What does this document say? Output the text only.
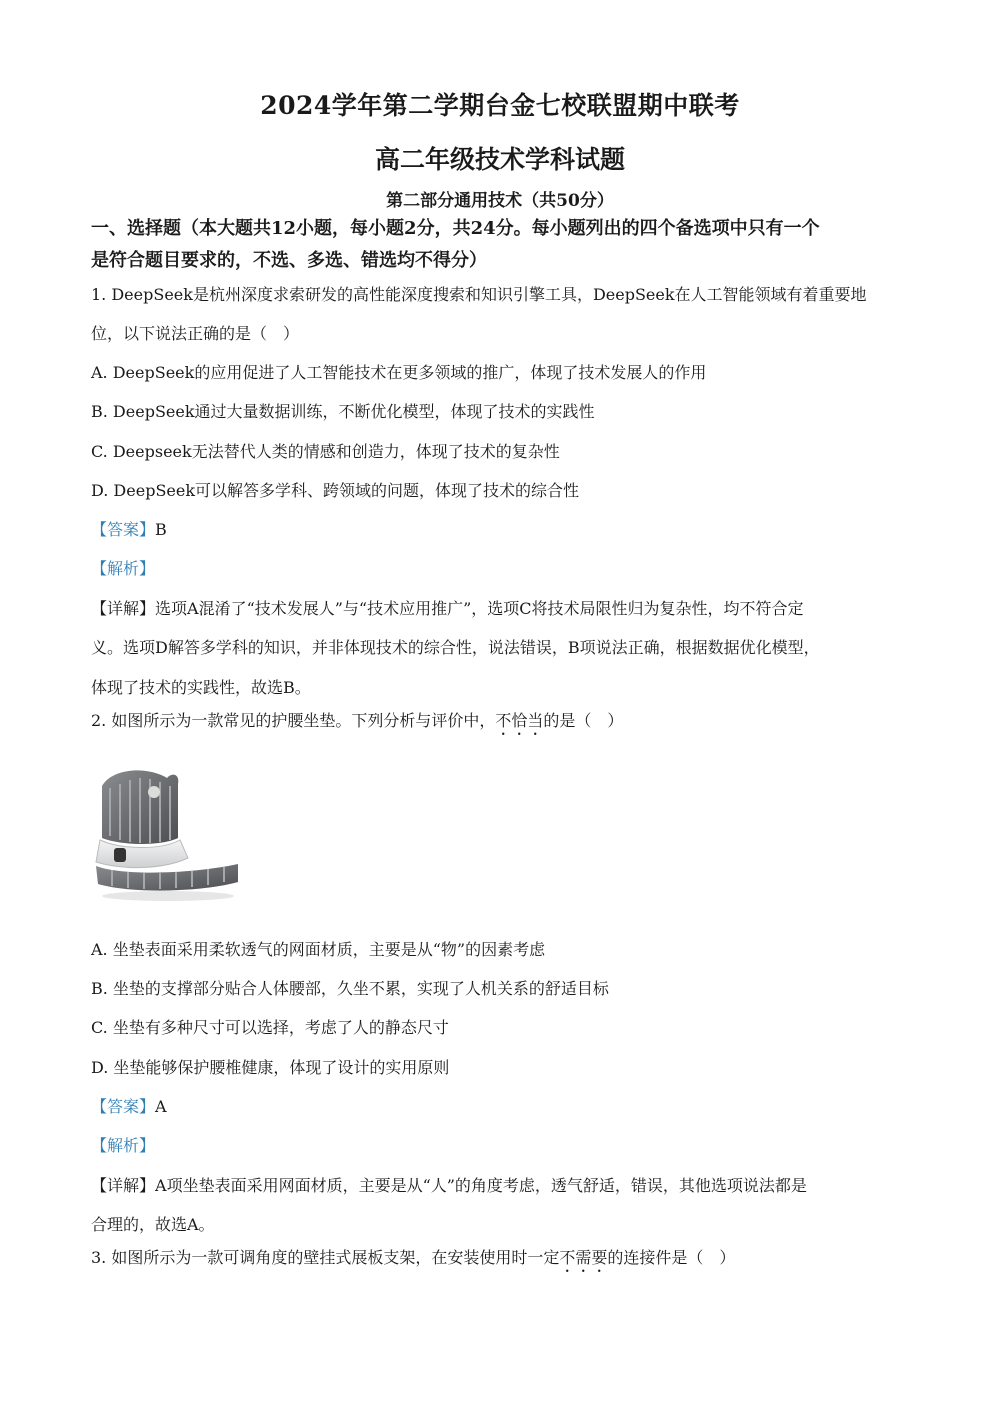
2024学年第二学期台金七校联盟期中联考
高二年级技术学科试题
第二部分通用技术（共50分）
一、选择题（本大题共12小题，每小题2分，共24分。每小题列出的四个备选项中只有一个
是符合题目要求的，不选、多选、错选均不得分）
1. DeepSeek是杭州深度求索研发的高性能深度搜索和知识引擎工具，DeepSeek在人工智能领域有着重要地
位，以下说法正确的是（　）
A. DeepSeek的应用促进了人工智能技术在更多领域的推广，体现了技术发展人的作用
B. DeepSeek通过大量数据训练，不断优化模型，体现了技术的实践性
C. Deepseek无法替代人类的情感和创造力，体现了技术的复杂性
D. DeepSeek可以解答多学科、跨领域的问题，体现了技术的综合性
【答案】B
【解析】
【详解】选项A混淆了“技术发展人”与“技术应用推广”，选项C将技术局限性归为复杂性，均不符合定
义。选项D解答多学科的知识，并非体现技术的综合性，说法错误，B项说法正确，根据数据优化模型，
体现了技术的实践性，故选B。
2. 如图所示为一款常见的护腰坐垫。下列分析与评价中，不恰当的是（　）
A. 坐垫表面采用柔软透气的网面材质，主要是从“物”的因素考虑
B. 坐垫的支撑部分贴合人体腰部，久坐不累，实现了人机关系的舒适目标
C. 坐垫有多种尺寸可以选择，考虑了人的静态尺寸
D. 坐垫能够保护腰椎健康，体现了设计的实用原则
【答案】A
【解析】
【详解】A项坐垫表面采用网面材质，主要是从“人”的角度考虑，透气舒适，错误，其他选项说法都是
合理的，故选A。
3. 如图所示为一款可调角度的壁挂式展板支架，在安装使用时一定不需要的连接件是（　）
